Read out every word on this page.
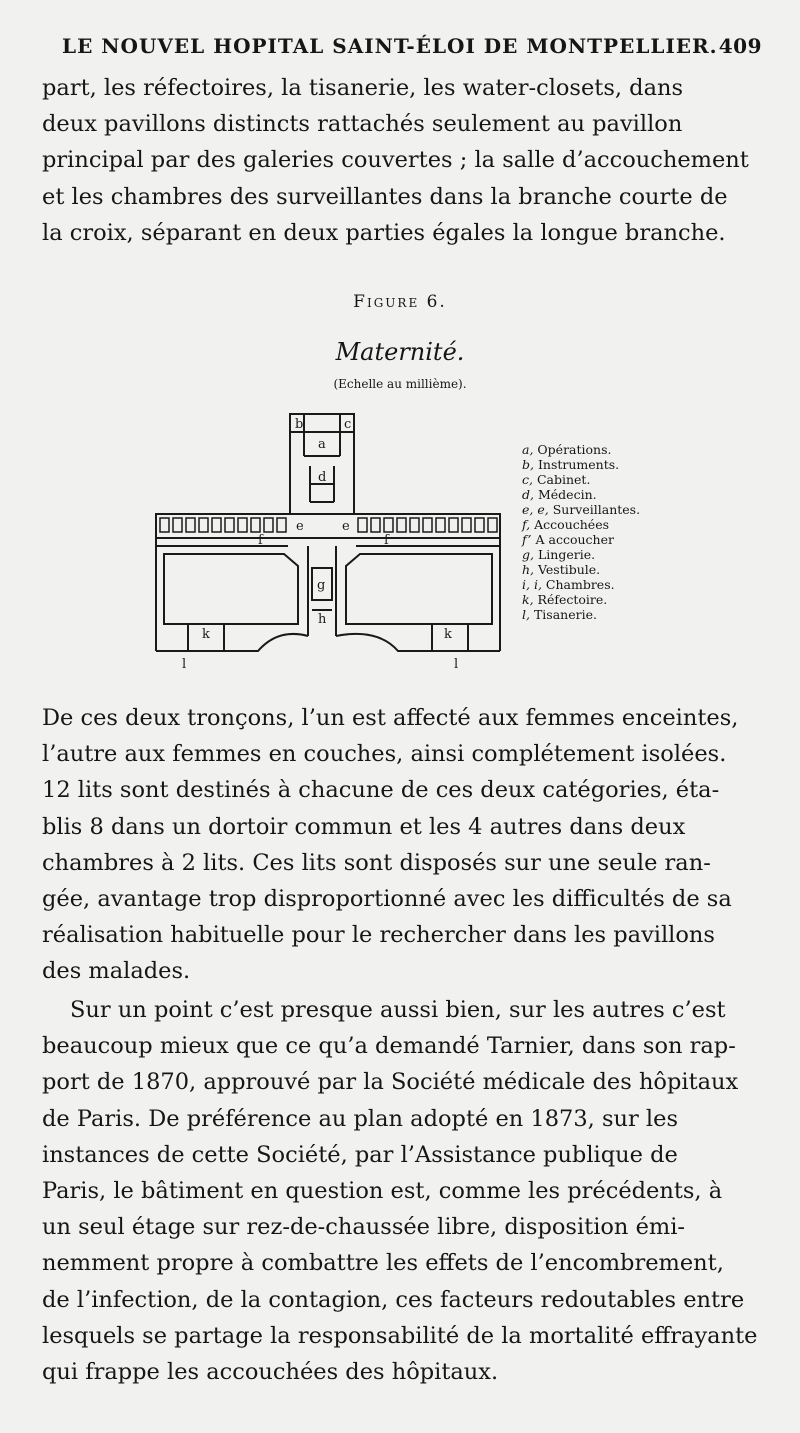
LE NOUVEL HOPITAL SAINT-ÉLOI DE MONTPELLIER. 409

part, les réfectoires, la tisanerie, les water-closets, dans

deux pavillons distincts rattachés seulement au pavillon

principal par des galeries couvertes ; la salle d’accouchement

et les chambres des surveillantes dans la branche courte de

la croix, séparant en deux parties égales la longue branche.

Figure 6.
Maternité.
(Echelle au millième).
b
a
c
d
e	e
f	f
g
h
k	k
l	l
a, Opérations.
b, Instruments.
c, Cabinet.
d, Médecin.
e, e, Surveillantes.
f, Accouchées
f’ A accoucher
g, Lingerie.
h, Vestibule.
i, i, Chambres.
k, Réfectoire.
l, Tisanerie.

De ces deux tronçons, l’un est affecté aux femmes enceintes,

l’autre aux femmes en couches, ainsi complétement isolées.

12 lits sont destinés à chacune de ces deux catégories, éta-

blis 8 dans un dortoir commun et les 4 autres dans deux

chambres à 2 lits. Ces lits sont disposés sur une seule ran-

gée, avantage trop disproportionné avec les difficultés de sa

réalisation habituelle pour le rechercher dans les pavillons

des malades.

Sur un point c’est presque aussi bien, sur les autres c’est

beaucoup mieux que ce qu’a demandé Tarnier, dans son rap-

port de 1870, approuvé par la Société médicale des hôpitaux

de Paris. De préférence au plan adopté en 1873, sur les

instances de cette Société, par l’Assistance publique de

Paris, le bâtiment en question est, comme les précédents, à

un seul étage sur rez-de-chaussée libre, disposition émi-

nemment propre à combattre les effets de l’encombrement,

de l’infection, de la contagion, ces facteurs redoutables entre

lesquels se partage la responsabilité de la mortalité effrayante

qui frappe les accouchées des hôpitaux.
